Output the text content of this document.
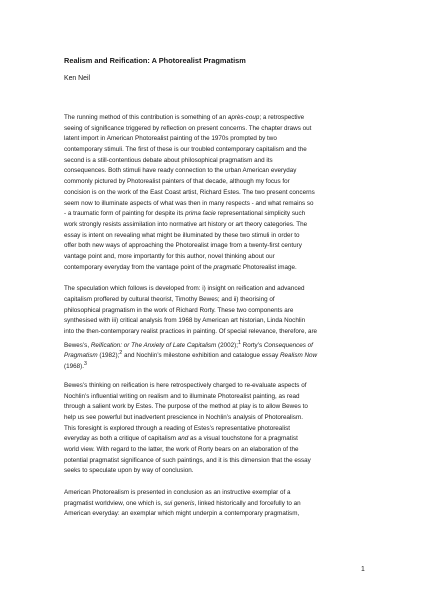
Realism and Reification: A Photorealist Pragmatism
Ken Neil
The running method of this contribution is something of an après-coup; a retrospective
seeing of significance triggered by reflection on present concerns. The chapter draws out
latent import in American Photorealist painting of the 1970s prompted by two
contemporary stimuli. The first of these is our troubled contemporary capitalism and the
second is a still-contentious debate about philosophical pragmatism and its
consequences. Both stimuli have ready connection to the urban American everyday
commonly pictured by Photorealist painters of that decade, although my focus for
concision is on the work of the East Coast artist, Richard Estes. The two present concerns
seem now to illuminate aspects of what was then in many respects - and what remains so
- a traumatic form of painting for despite its prima facie representational simplicity such
work strongly resists assimilation into normative art history or art theory categories. The
essay is intent on revealing what might be illuminated by these two stimuli in order to
offer both new ways of approaching the Photorealist image from a twenty-first century
vantage point and, more importantly for this author, novel thinking about our
contemporary everyday from the vantage point of the pragmatic Photorealist image.
The speculation which follows is developed from: i) insight on reification and advanced
capitalism proffered by cultural theorist, Timothy Bewes; and ii) theorising of
philosophical pragmatism in the work of Richard Rorty. These two components are
synthesised with iii) critical analysis from 1968 by American art historian, Linda Nochlin
into the then-contemporary realist practices in painting. Of special relevance, therefore, are
Bewes’s, Reification: or The Anxiety of Late Capitalism (2002);$^1$ Rorty’s Consequences of
Pragmatism (1982);$^2$ and Nochlin’s milestone exhibition and catalogue essay Realism Now
(1968).$^3$
Bewes’s thinking on reification is here retrospectively charged to re-evaluate aspects of
Nochlin’s influential writing on realism and to illuminate Photorealist painting, as read
through a salient work by Estes. The purpose of the method at play is to allow Bewes to
help us see powerful but inadvertent prescience in Nochlin’s analysis of Photorealism.
This foresight is explored through a reading of Estes’s representative photorealist
everyday as both a critique of capitalism and as a visual touchstone for a pragmatist
world view. With regard to the latter, the work of Rorty bears on an elaboration of the
potential pragmatist significance of such paintings, and it is this dimension that the essay
seeks to speculate upon by way of conclusion.
American Photorealism is presented in conclusion as an instructive exemplar of a
pragmatist worldview, one which is, sui generis, linked historically and forcefully to an
American everyday: an exemplar which might underpin a contemporary pragmatism,
1
